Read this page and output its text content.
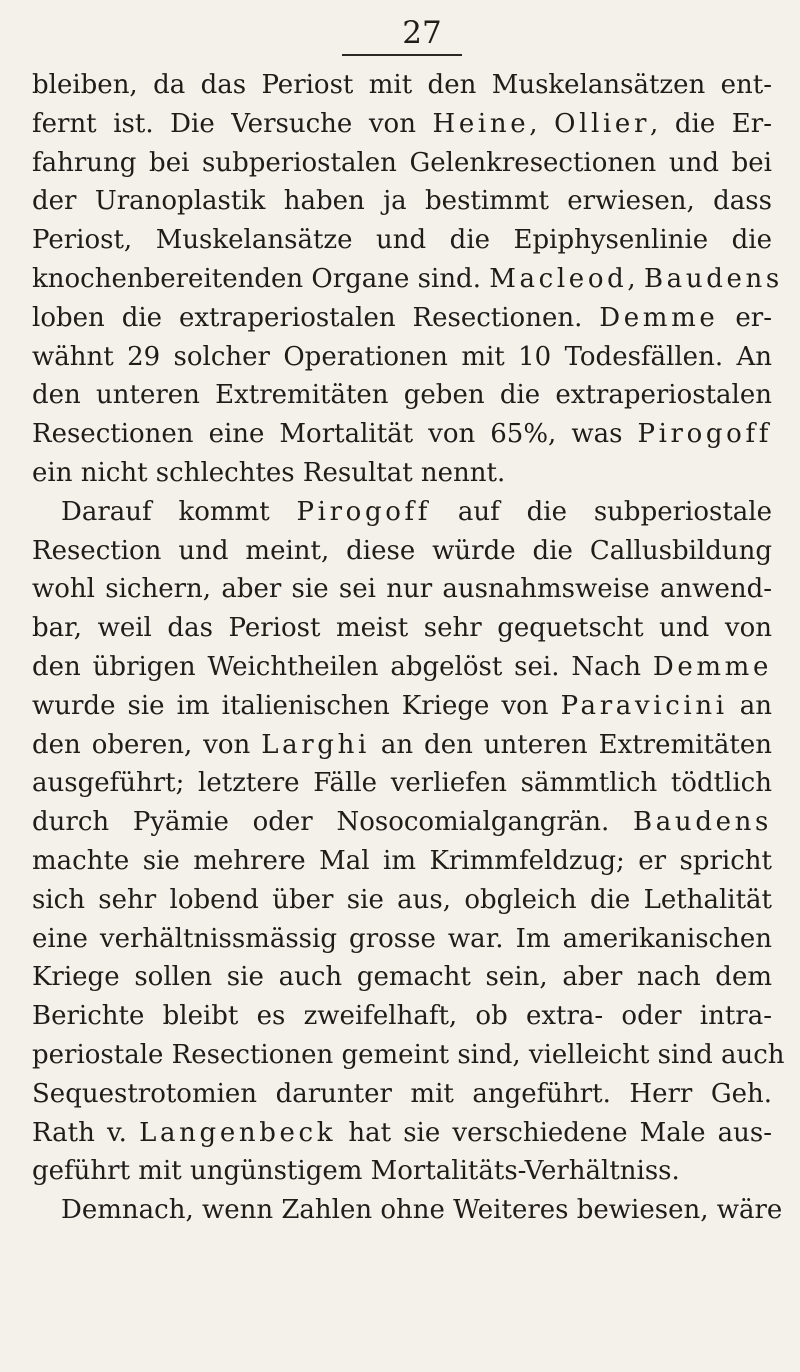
27
bleiben, da das Periost mit den Muskelansätzen ent-
fernt ist. Die Versuche von Heine, Ollier, die Er-
fahrung bei subperiostalen Gelenkresectionen und bei
der Uranoplastik haben ja bestimmt erwiesen, dass
Periost, Muskelansätze und die Epiphysenlinie die
knochenbereitenden Organe sind. Macleod, Baudens
loben die extraperiostalen Resectionen. Demme er-
wähnt 29 solcher Operationen mit 10 Todesfällen. An
den unteren Extremitäten geben die extraperiostalen
Resectionen eine Mortalität von 65%, was Pirogoff
ein nicht schlechtes Resultat nennt.
Darauf kommt Pirogoff auf die subperiostale
Resection und meint, diese würde die Callusbildung
wohl sichern, aber sie sei nur ausnahmsweise anwend-
bar, weil das Periost meist sehr gequetscht und von
den übrigen Weichtheilen abgelöst sei. Nach Demme
wurde sie im italienischen Kriege von Paravicini an
den oberen, von Larghi an den unteren Extremitäten
ausgeführt; letztere Fälle verliefen sämmtlich tödtlich
durch Pyämie oder Nosocomialgangrän. Baudens
machte sie mehrere Mal im Krimmfeldzug; er spricht
sich sehr lobend über sie aus, obgleich die Lethalität
eine verhältnissmässig grosse war. Im amerikanischen
Kriege sollen sie auch gemacht sein, aber nach dem
Berichte bleibt es zweifelhaft, ob extra- oder intra-
periostale Resectionen gemeint sind, vielleicht sind auch
Sequestrotomien darunter mit angeführt. Herr Geh.
Rath v. Langenbeck hat sie verschiedene Male aus-
geführt mit ungünstigem Mortalitäts-Verhältniss.
Demnach, wenn Zahlen ohne Weiteres bewiesen, wäre
